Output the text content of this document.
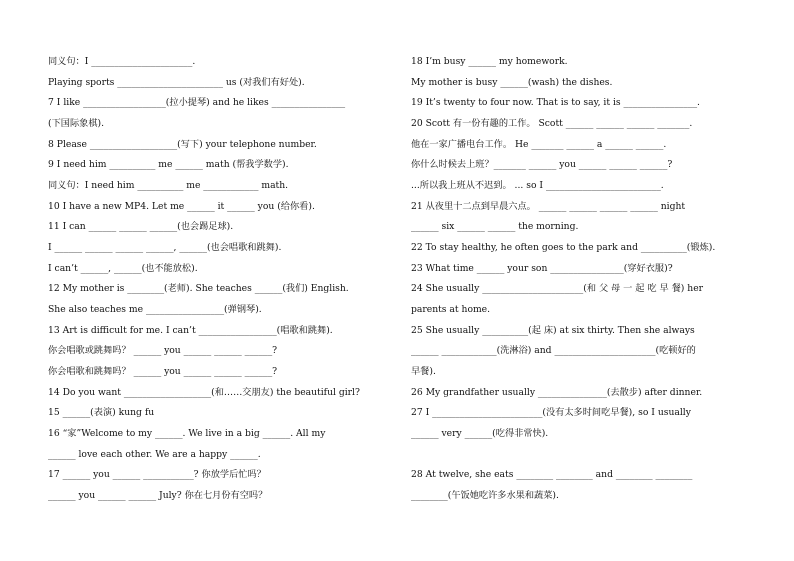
同义句：I ______________________.
Playing sports _______________________ us (对我们有好处).
7 I like __________________(拉小提琴) and he likes ________________
(下国际象棋).
8 Please ___________________(写下) your telephone number.
9 I need him __________ me ______ math (帮我学数学).
同义句：I need him __________ me ____________ math.
10 I have a new MP4. Let me ______ it ______ you (给你看).
11 I can ______ ______ ______(也会踢足球).
I ______ ______ ______ ______, ______(也会唱歌和跳舞).
I can’t ______, ______(也不能放松).
12 My mother is ________(老师). She teaches ______(我们) English.
She also teaches me _________________(弹钢琴).
13 Art is difficult for me. I can’t _________________(唱歌和跳舞).
你会唱歌或跳舞吗？ ______ you ______ ______ ______?
你会唱歌和跳舞吗？ ______ you ______ ______ ______?
14 Do you want ___________________(和……交朋友) the beautiful girl?
15 ______(表演) kung fu
16 “家”Welcome to my ______. We live in a big ______. All my
______ love each other. We are a happy ______.
17 ______ you ______ ___________? 你放学后忙吗？
______ you ______ ______ July? 你在七月份有空吗？
18 I’m busy ______ my homework.
My mother is busy ______(wash) the dishes.
19 It’s twenty to four now. That is to say, it is ________________.
20 Scott 有一份有趣的工作。 Scott ______ ______ ______ _______.
他在一家广播电台工作。 He _______ ______ a ______ ______.
你什么时候去上班？_______ ______ you ______ ______ ______?
...所以我上班从不迟到。 ... so I _________________________.
21 从夜里十二点到早晨六点。 ______ ______ ______ ______ night
______ six ______ ______ the morning.
22 To stay healthy, he often goes to the park and __________(锻炼).
23 What time ______ your son ________________(穿好衣服)?
24 She usually ______________________(和 父 母 一 起 吃 早 餐) her
parents at home.
25 She usually __________(起 床) at six thirty. Then she always
______ ____________(洗淋浴) and ______________________(吃顿好的
早餐).
26 My grandfather usually _______________(去散步) after dinner.
27 I ________________________(没有太多时间吃早餐), so I usually
______ very ______(吃得非常快).
28 At twelve, she eats ________ ________ and ________ ________
________(午饭她吃许多水果和蔬菜).
